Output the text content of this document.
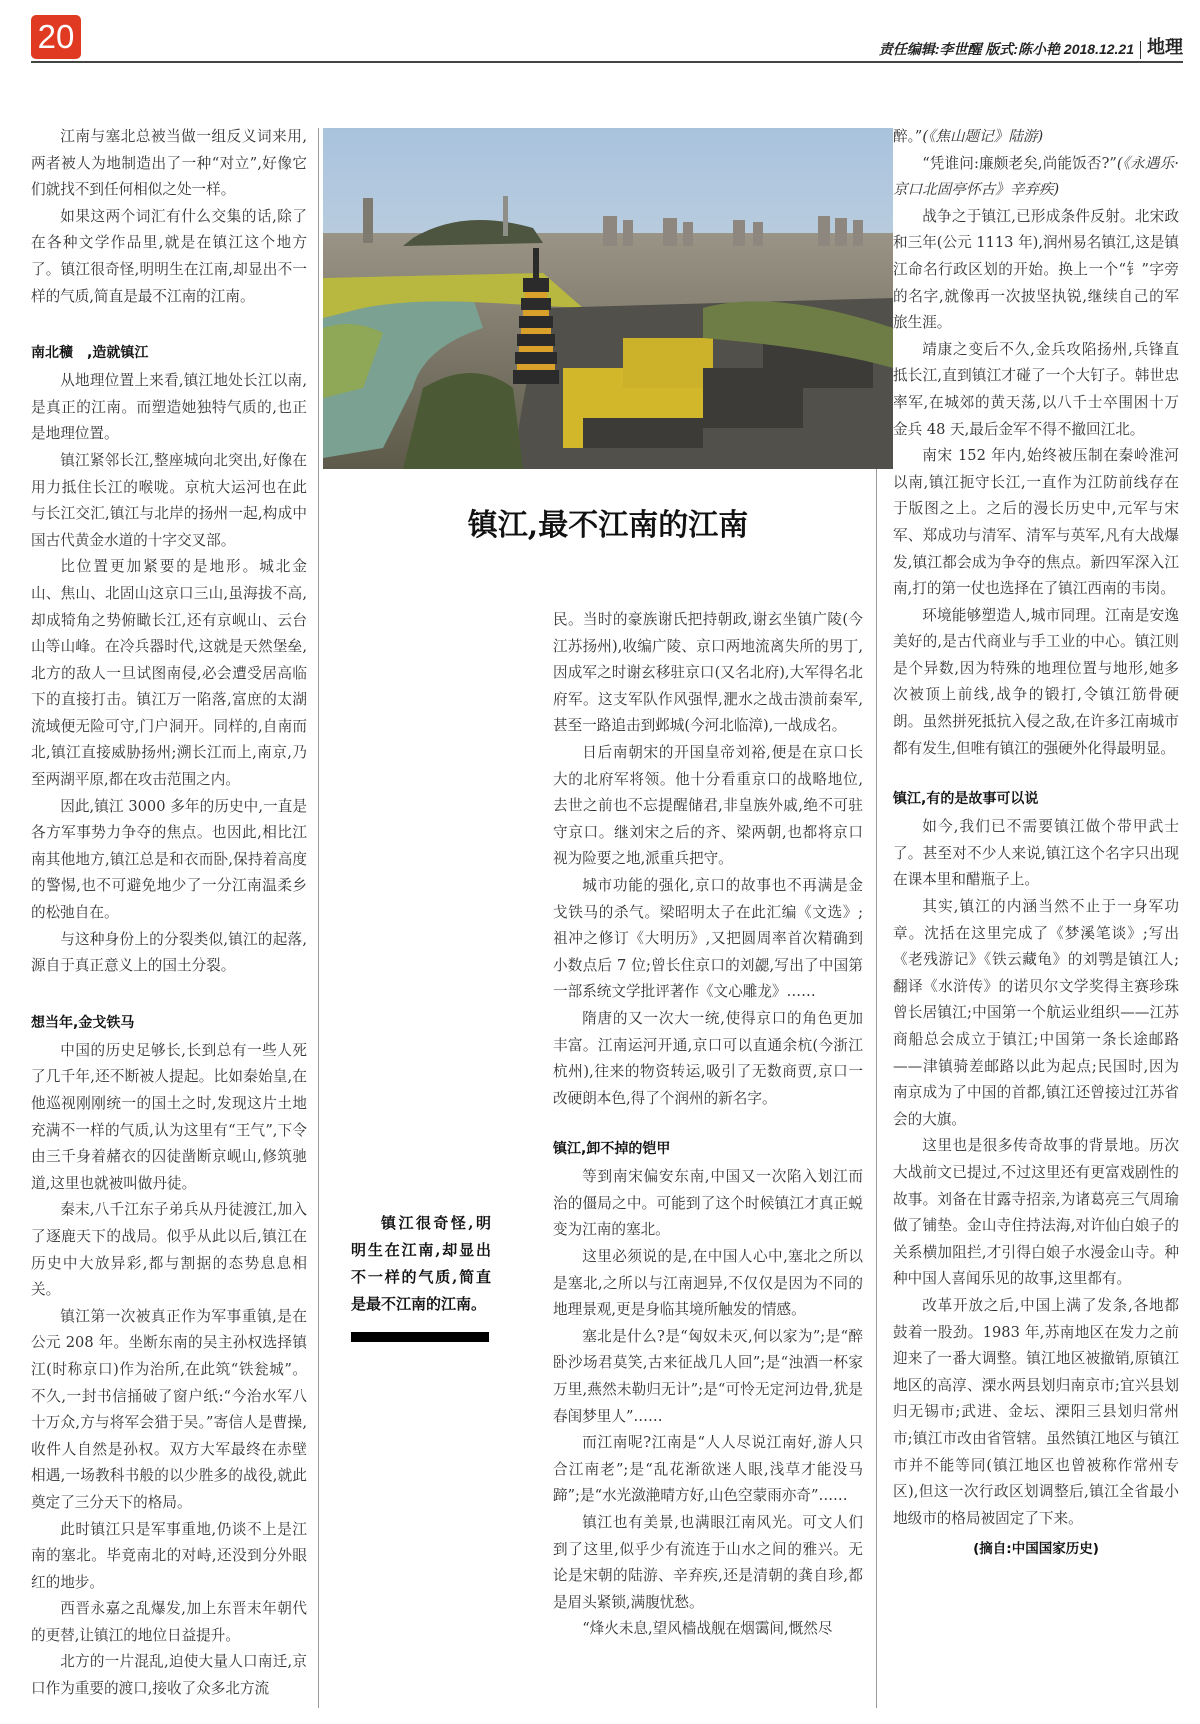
20	责任编辑:李世醒 版式:陈小艳 2018.12.21 地理

江南与塞北总被当做一组反义词来用,两者被人为地制造出了一种“对立”,好像它们就找不到任何相似之处一样。

如果这两个词汇有什么交集的话,除了在各种文学作品里,就是在镇江这个地方了。镇江很奇怪,明明生在江南,却显出不一样的气质,简直是最不江南的江南。

南北穬　,造就镇江

从地理位置上来看,镇江地处长江以南,是真正的江南。而塑造她独特气质的,也正是地理位置。

镇江紧邻长江,整座城向北突出,好像在用力抵住长江的喉咙。京杭大运河也在此与长江交汇,镇江与北岸的扬州一起,构成中国古代黄金水道的十字交叉部。

比位置更加紧要的是地形。城北金山、焦山、北固山这京口三山,虽海拔不高,却成犄角之势俯瞰长江,还有京岘山、云台山等山峰。在冷兵器时代,这就是天然堡垒,北方的敌人一旦试图南侵,必会遭受居高临下的直接打击。镇江万一陷落,富庶的太湖流域便无险可守,门户洞开。同样的,自南而北,镇江直接威胁扬州;溯长江而上,南京,乃至两湖平原,都在攻击范围之内。

因此,镇江 3000 多年的历史中,一直是各方军事势力争夺的焦点。也因此,相比江南其他地方,镇江总是和衣而卧,保持着高度的警惕,也不可避免地少了一分江南温柔乡的松弛自在。

与这种身份上的分裂类似,镇江的起落,源自于真正意义上的国土分裂。

想当年,金戈铁马

中国的历史足够长,长到总有一些人死了几千年,还不断被人提起。比如秦始皇,在他巡视刚刚统一的国土之时,发现这片土地充满不一样的气质,认为这里有“王气”,下令由三千身着赭衣的囚徒凿断京岘山,修筑驰道,这里也就被叫做丹徒。

秦末,八千江东子弟兵从丹徒渡江,加入了逐鹿天下的战局。似乎从此以后,镇江在历史中大放异彩,都与割据的态势息息相关。

镇江第一次被真正作为军事重镇,是在公元 208 年。坐断东南的吴主孙权选择镇江(时称京口)作为治所,在此筑“铁瓮城”。不久,一封书信捅破了窗户纸:“今治水军八十万众,方与将军会猎于吴。”寄信人是曹操,收件人自然是孙权。双方大军最终在赤壁相遇,一场教科书般的以少胜多的战役,就此奠定了三分天下的格局。

此时镇江只是军事重地,仍谈不上是江南的塞北。毕竟南北的对峙,还没到分外眼红的地步。

西晋永嘉之乱爆发,加上东晋末年朝代的更替,让镇江的地位日益提升。

北方的一片混乱,迫使大量人口南迁,京口作为重要的渡口,接收了众多北方流

镇江,最不江南的江南

镇江很奇怪,明明生在江南,却显出不一样的气质,简直是最不江南的江南。

民。当时的豪族谢氏把持朝政,谢玄坐镇广陵(今江苏扬州),收编广陵、京口两地流离失所的男丁,因成军之时谢玄移驻京口(又名北府),大军得名北府军。这支军队作风强悍,淝水之战击溃前秦军,甚至一路追击到邺城(今河北临漳),一战成名。

日后南朝宋的开国皇帝刘裕,便是在京口长大的北府军将领。他十分看重京口的战略地位,去世之前也不忘提醒储君,非皇族外戚,绝不可驻守京口。继刘宋之后的齐、梁两朝,也都将京口视为险要之地,派重兵把守。

城市功能的强化,京口的故事也不再满是金戈铁马的杀气。梁昭明太子在此汇编《文选》;祖冲之修订《大明历》,又把圆周率首次精确到小数点后 7 位;曾长住京口的刘勰,写出了中国第一部系统文学批评著作《文心雕龙》……

隋唐的又一次大一统,使得京口的角色更加丰富。江南运河开通,京口可以直通余杭(今浙江杭州),往来的物资转运,吸引了无数商贾,京口一改硬朗本色,得了个润州的新名字。

镇江,卸不掉的铠甲

等到南宋偏安东南,中国又一次陷入划江而治的僵局之中。可能到了这个时候镇江才真正蜕变为江南的塞北。

这里必须说的是,在中国人心中,塞北之所以是塞北,之所以与江南迥异,不仅仅是因为不同的地理景观,更是身临其境所触发的情感。

塞北是什么?是“匈奴未灭,何以家为”;是“醉卧沙场君莫笑,古来征战几人回”;是“浊酒一杯家万里,燕然未勒归无计”;是“可怜无定河边骨,犹是春闺梦里人”……

而江南呢?江南是“人人尽说江南好,游人只合江南老”;是“乱花渐欲迷人眼,浅草才能没马蹄”;是“水光潋滟晴方好,山色空蒙雨亦奇”……

镇江也有美景,也满眼江南风光。可文人们到了这里,似乎少有流连于山水之间的雅兴。无论是宋朝的陆游、辛弃疾,还是清朝的龚自珍,都是眉头紧锁,满腹忧愁。

“烽火未息,望风樯战舰在烟霭间,慨然尽

醉。”(《焦山题记》陆游)

“凭谁问:廉颇老矣,尚能饭否?”(《永遇乐·京口北固亭怀古》辛弃疾)

战争之于镇江,已形成条件反射。北宋政和三年(公元 1113 年),润州易名镇江,这是镇江命名行政区划的开始。换上一个“钅”字旁的名字,就像再一次披坚执锐,继续自己的军旅生涯。

靖康之变后不久,金兵攻陷扬州,兵锋直抵长江,直到镇江才碰了一个大钉子。韩世忠率军,在城郊的黄天荡,以八千士卒围困十万金兵 48 天,最后金军不得不撤回江北。

南宋 152 年内,始终被压制在秦岭淮河以南,镇江扼守长江,一直作为江防前线存在于版图之上。之后的漫长历史中,元军与宋军、郑成功与清军、清军与英军,凡有大战爆发,镇江都会成为争夺的焦点。新四军深入江南,打的第一仗也选择在了镇江西南的韦岗。

环境能够塑造人,城市同理。江南是安逸美好的,是古代商业与手工业的中心。镇江则是个异数,因为特殊的地理位置与地形,她多次被顶上前线,战争的锻打,令镇江筋骨硬朗。虽然拼死抵抗入侵之敌,在许多江南城市都有发生,但唯有镇江的强硬外化得最明显。

镇江,有的是故事可以说

如今,我们已不需要镇江做个带甲武士了。甚至对不少人来说,镇江这个名字只出现在课本里和醋瓶子上。

其实,镇江的内涵当然不止于一身军功章。沈括在这里完成了《梦溪笔谈》;写出《老残游记》《铁云藏龟》的刘鹗是镇江人;翻译《水浒传》的诺贝尔文学奖得主赛珍珠曾长居镇江;中国第一个航运业组织——江苏商船总会成立于镇江;中国第一条长途邮路——津镇骑差邮路以此为起点;民国时,因为南京成为了中国的首都,镇江还曾接过江苏省会的大旗。

这里也是很多传奇故事的背景地。历次大战前文已提过,不过这里还有更富戏剧性的故事。刘备在甘露寺招亲,为诸葛亮三气周瑜做了铺垫。金山寺住持法海,对许仙白娘子的关系横加阻拦,才引得白娘子水漫金山寺。种种中国人喜闻乐见的故事,这里都有。

改革开放之后,中国上满了发条,各地都鼓着一股劲。1983 年,苏南地区在发力之前迎来了一番大调整。镇江地区被撤销,原镇江地区的高淳、溧水两县划归南京市;宜兴县划归无锡市;武进、金坛、溧阳三县划归常州市;镇江市改由省管辖。虽然镇江地区与镇江市并不能等同(镇江地区也曾被称作常州专区),但这一次行政区划调整后,镇江全省最小地级市的格局被固定了下来。

(摘自:中国国家历史)
